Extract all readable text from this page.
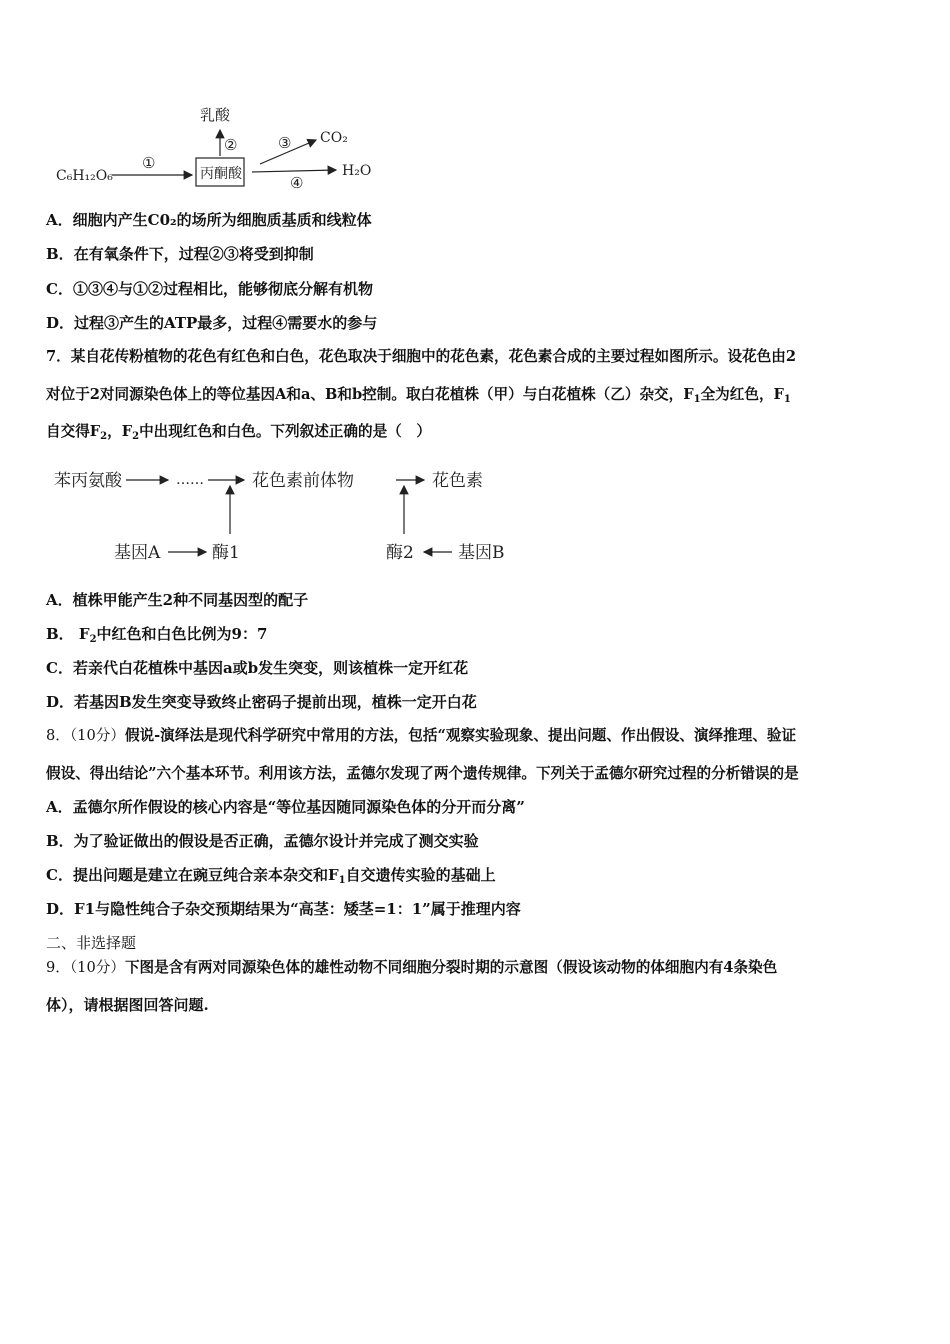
C₆H₁₂O₆
①
丙酮酸
乳酸
②	③ CO₂
④
H₂O
A．细胞内产生C0₂的场所为细胞质基质和线粒体
B．在有氧条件下，过程②③将受到抑制
C．①③④与①②过程相比，能够彻底分解有机物
D．过程③产生的ATP最多，过程④需要水的参与
7．某自花传粉植物的花色有红色和白色，花色取决于细胞中的花色素，花色素合成的主要过程如图所示。设花色由2
对位于2对同源染色体上的等位基因A和a、B和b控制。取白花植株（甲）与白花植株（乙）杂交，$F_1$全为红色，$F_1$
自交得$F_2$，$F_2$中出现红色和白色。下列叙述正确的是（　）
苯丙氨酸	……	花色素前体物	花色素
基因A	酶1	酶2	基因B
A．植株甲能产生2种不同基因型的配子
B． $F_2$中红色和白色比例为9：7
C．若亲代白花植株中基因a或b发生突变，则该植株一定开红花
D．若基因B发生突变导致终止密码子提前出现，植株一定开白花
8．（10分）假说-演绎法是现代科学研究中常用的方法，包括“观察实验现象、提出问题、作出假设、演绎推理、验证
假设、得出结论”六个基本环节。利用该方法，孟德尔发现了两个遗传规律。下列关于孟德尔研究过程的分析错误的是
A．孟德尔所作假设的核心内容是“等位基因随同源染色体的分开而分离”
B．为了验证做出的假设是否正确，孟德尔设计并完成了测交实验
C．提出问题是建立在豌豆纯合亲本杂交和$F_1$自交遗传实验的基础上
D．F1与隐性纯合子杂交预期结果为“高茎：矮茎=1：1”属于推理内容
二、非选择题
9．（10分）下图是含有两对同源染色体的雄性动物不同细胞分裂时期的示意图（假设该动物的体细胞内有4条染色
体），请根据图回答问题.
